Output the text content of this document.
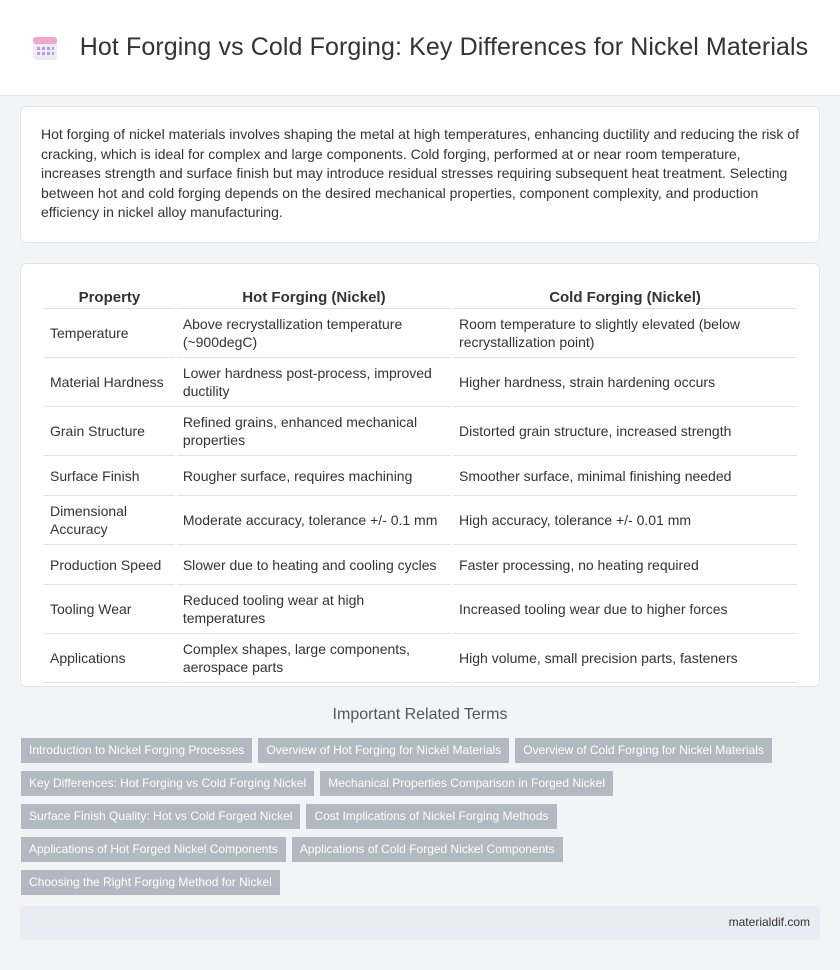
Hot Forging vs Cold Forging: Key Differences for Nickel Materials

Hot forging of nickel materials involves shaping the metal at high temperatures, enhancing ductility and reducing the risk of cracking, which is ideal for complex and large components. Cold forging, performed at or near room temperature, increases strength and surface finish but may introduce residual stresses requiring subsequent heat treatment. Selecting between hot and cold forging depends on the desired mechanical properties, component complexity, and production efficiency in nickel alloy manufacturing.

Property	Hot Forging (Nickel)	Cold Forging (Nickel)
Temperature	Above recrystallization temperature (~900degC)	Room temperature to slightly elevated (below recrystallization point)
Material Hardness	Lower hardness post-process, improved ductility	Higher hardness, strain hardening occurs
Grain Structure	Refined grains, enhanced mechanical properties	Distorted grain structure, increased strength
Surface Finish	Rougher surface, requires machining	Smoother surface, minimal finishing needed
Dimensional Accuracy	Moderate accuracy, tolerance +/- 0.1 mm	High accuracy, tolerance +/- 0.01 mm
Production Speed	Slower due to heating and cooling cycles	Faster processing, no heating required
Tooling Wear	Reduced tooling wear at high temperatures	Increased tooling wear due to higher forces
Applications	Complex shapes, large components, aerospace parts	High volume, small precision parts, fasteners
Important Related Terms
Introduction to Nickel Forging Processes	Overview of Hot Forging for Nickel Materials	Overview of Cold Forging for Nickel Materials
Key Differences: Hot Forging vs Cold Forging Nickel	Mechanical Properties Comparison in Forged Nickel
Surface Finish Quality: Hot vs Cold Forged Nickel	Cost Implications of Nickel Forging Methods
Applications of Hot Forged Nickel Components	Applications of Cold Forged Nickel Components
Choosing the Right Forging Method for Nickel
materialdif.com
